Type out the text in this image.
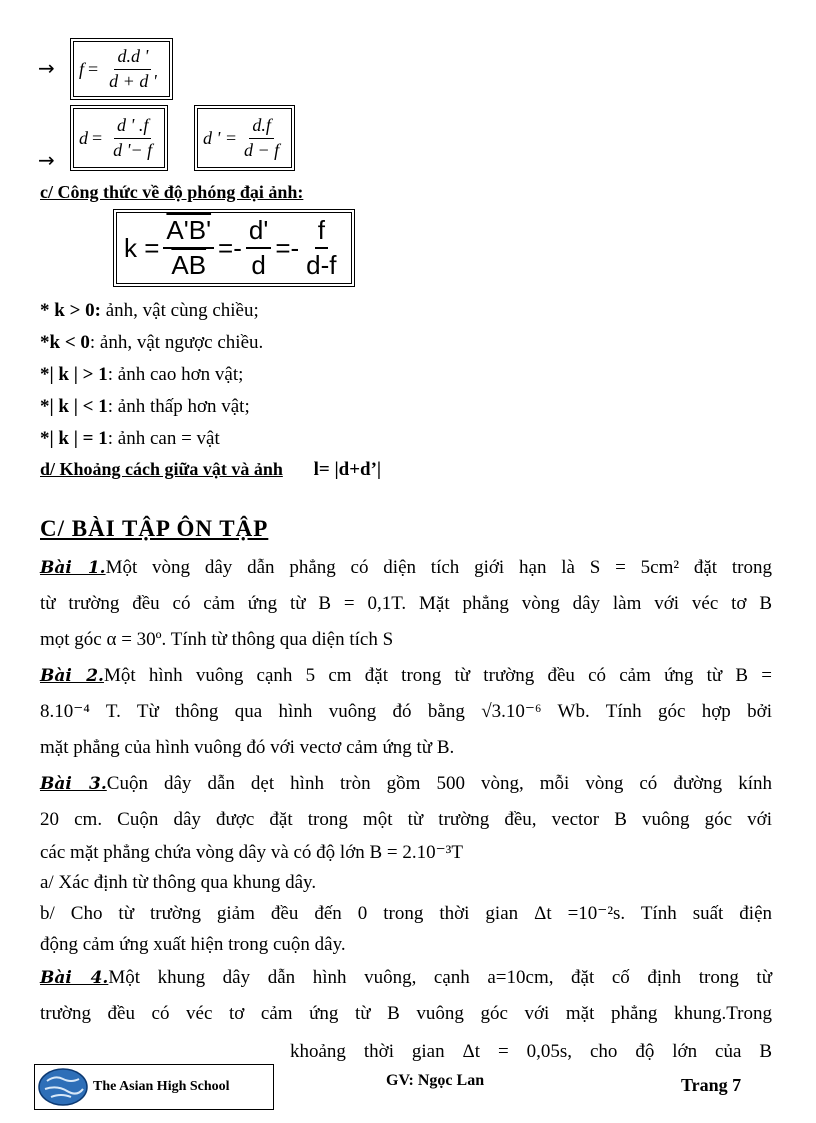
→ $f = \frac{d.d '}{d + d '}$
→
$d = \frac{d ' .f}{d '- f}$	d ' = $\frac{d.f}{d - f}$
c/ Công thức về độ phóng đại ảnh:
$k = \frac{A'B'}{AB} =- \frac{d'}{d} =- \frac{f}{d-f}$
* k > 0: ảnh, vật cùng chiều;
*k < 0: ảnh, vật ngược chiều.
*| k | > 1: ảnh cao hơn vật;
*| k | < 1: ảnh thấp hơn vật;
*| k | = 1: ảnh can = vật
d/ Khoảng cách giữa vật và ảnh l= |d+d’|
C/ BÀI TẬP ÔN TẬP
Bài 1.Một vòng dây dẫn phẳng có diện tích giới hạn là S = 5cm² đặt trong
từ trường đều có cảm ứng từ B = 0,1T. Mặt phẳng vòng dây làm với véc tơ B
mọt góc α = 30º. Tính từ thông qua diện tích S
Bài 2.Một hình vuông cạnh 5 cm đặt trong từ trường đều có cảm ứng từ B =
8.10⁻⁴ T. Từ thông qua hình vuông đó bằng √3.10⁻⁶ Wb. Tính góc hợp bởi
mặt phẳng của hình vuông đó với vectơ cảm ứng từ B.
Bài 3.Cuộn dây dẫn dẹt hình tròn gồm 500 vòng, mỗi vòng có đường kính
20 cm. Cuộn dây được đặt trong một từ trường đều, vector B vuông góc với
các mặt phẳng chứa vòng dây và có độ lớn B = 2.10⁻³T
a/ Xác định từ thông qua khung dây.
b/ Cho từ trường giảm đều đến 0 trong thời gian Δt =10⁻²s. Tính suất điện
động cảm ứng xuất hiện trong cuộn dây.
Bài 4.Một khung dây dẫn hình vuông, cạnh a=10cm, đặt cố định trong từ
trường đều có véc tơ cảm ứng từ B vuông góc với mặt phẳng khung.Trong
khoảng thời gian Δt = 0,05s, cho độ lớn của B
The Asian High School	GV: Ngọc Lan	Trang 7
